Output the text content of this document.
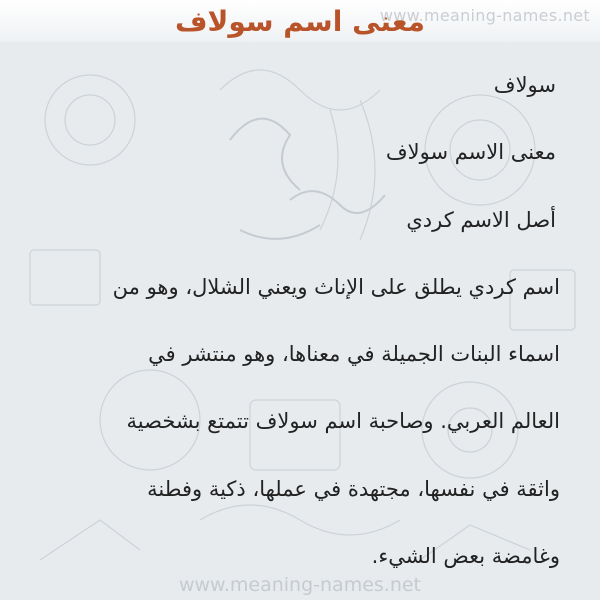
www.meaning-names.net
معنى اسم سولاف
سولاف
معنى الاسم سولاف
أصل الاسم كردي
اسم كردي يطلق على الإناث ويعني الشلال، وهو من
اسماء البنات الجميلة في معناها، وهو منتشر في
العالم العربي. وصاحبة اسم سولاف تتمتع بشخصية
واثقة في نفسها، مجتهدة في عملها، ذكية وفطنة
وغامضة بعض الشيء.
www.meaning-names.net
